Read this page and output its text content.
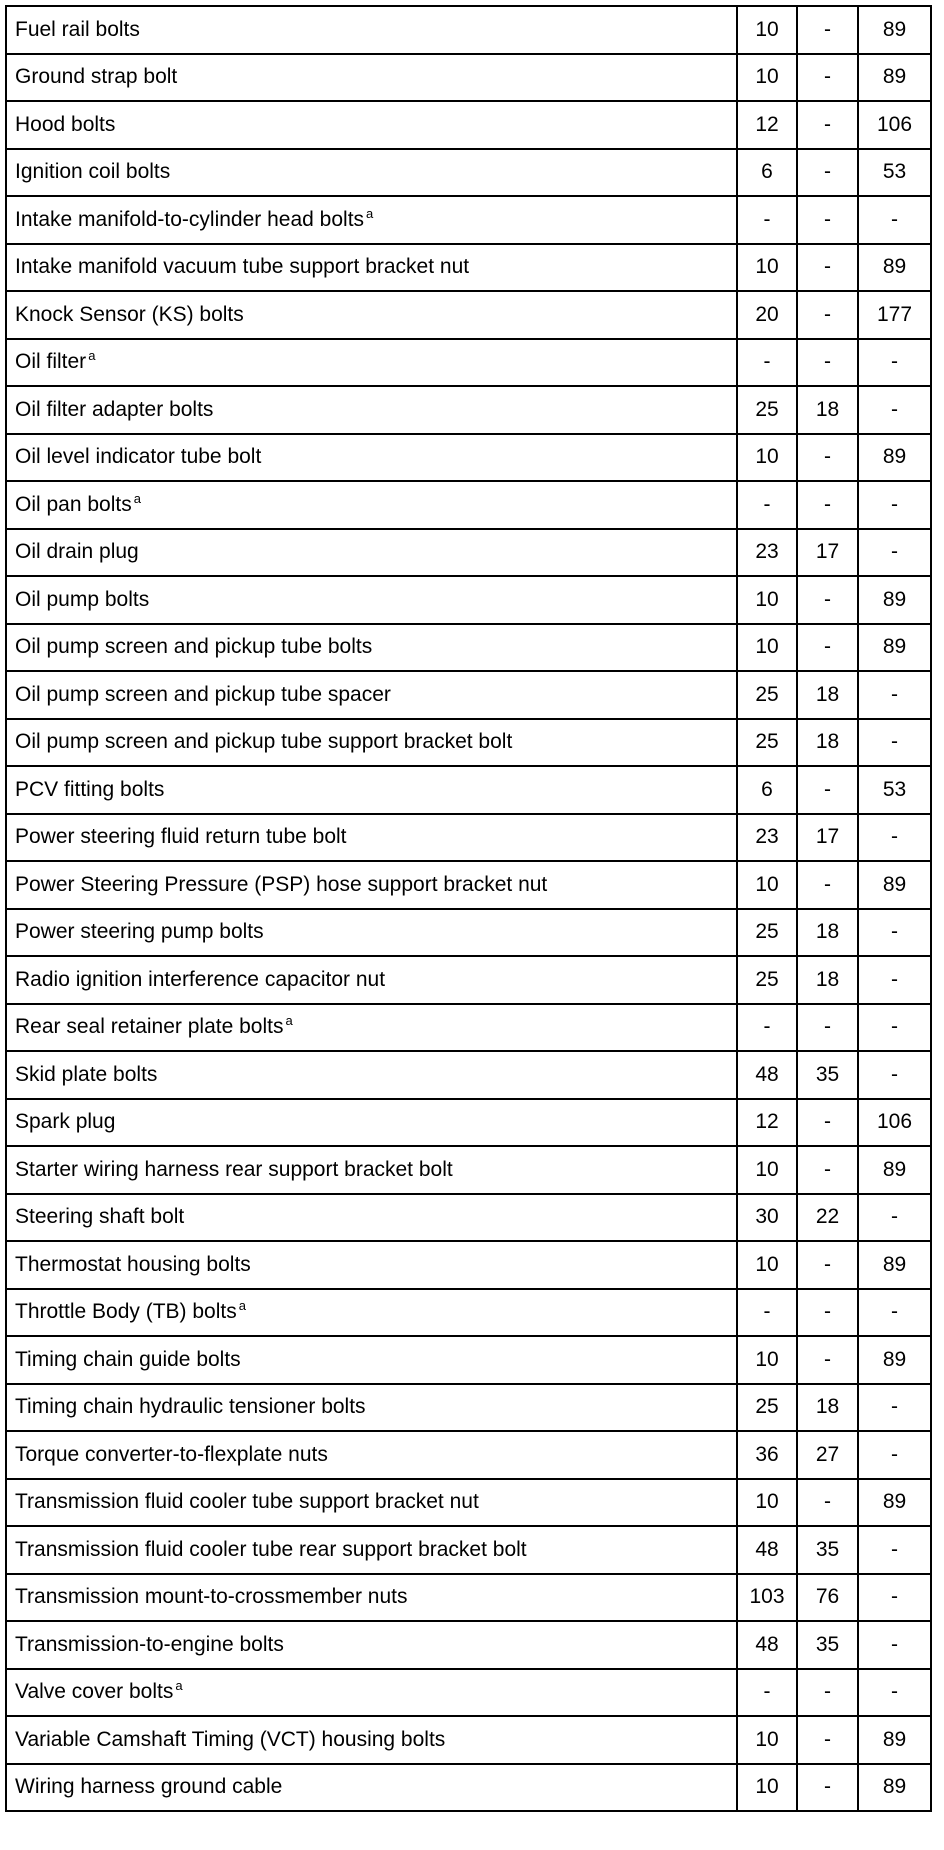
Fuel rail bolts	10	-	89
Ground strap bolt	10	-	89
Hood bolts	12	-	106
Ignition coil bolts	6	-	53
Intake manifold-to-cylinder head bolts $^a$	-	-	-
Intake manifold vacuum tube support bracket nut	10	-	89
Knock Sensor (KS) bolts	20	-	177
Oil filter $^a$	-	-	-
Oil filter adapter bolts	25	18	-
Oil level indicator tube bolt	10	-	89
Oil pan bolts $^a$	-	-	-
Oil drain plug	23	17	-
Oil pump bolts	10	-	89
Oil pump screen and pickup tube bolts	10	-	89
Oil pump screen and pickup tube spacer	25	18	-
Oil pump screen and pickup tube support bracket bolt	25	18	-
PCV fitting bolts	6	-	53
Power steering fluid return tube bolt	23	17	-
Power Steering Pressure (PSP) hose support bracket nut	10	-	89
Power steering pump bolts	25	18	-
Radio ignition interference capacitor nut	25	18	-
Rear seal retainer plate bolts $^a$	-	-	-
Skid plate bolts	48	35	-
Spark plug	12	-	106
Starter wiring harness rear support bracket bolt	10	-	89
Steering shaft bolt	30	22	-
Thermostat housing bolts	10	-	89
Throttle Body (TB) bolts $^a$	-	-	-
Timing chain guide bolts	10	-	89
Timing chain hydraulic tensioner bolts	25	18	-
Torque converter-to-flexplate nuts	36	27	-
Transmission fluid cooler tube support bracket nut	10	-	89
Transmission fluid cooler tube rear support bracket bolt	48	35	-
Transmission mount-to-crossmember nuts	103	76	-
Transmission-to-engine bolts	48	35	-
Valve cover bolts $^a$	-	-	-
Variable Camshaft Timing (VCT) housing bolts	10	-	89
Wiring harness ground cable	10	-	89
